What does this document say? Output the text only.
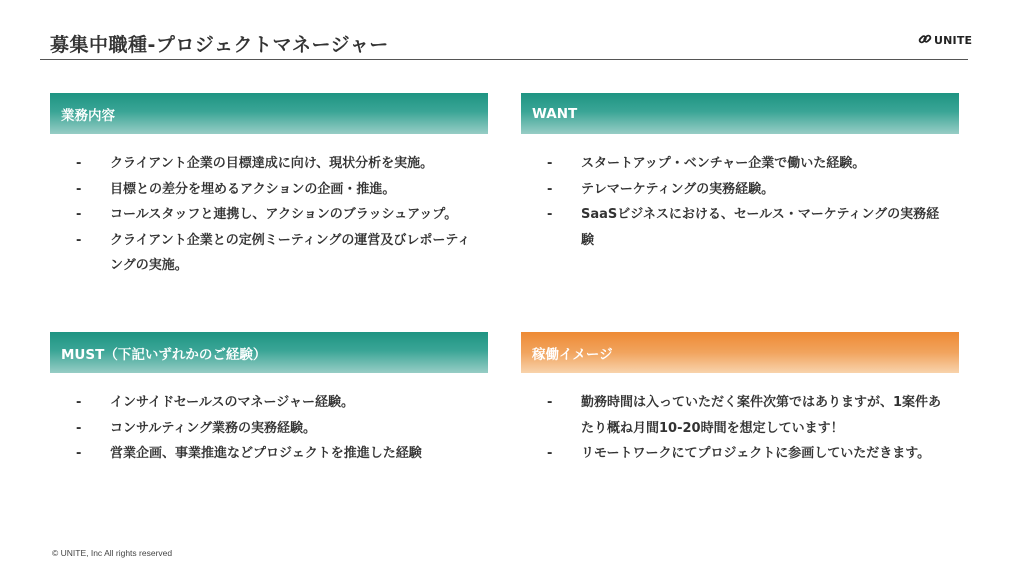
募集中職種-プロジェクトマネージャー	UNITE
業務内容
- クライアント企業の目標達成に向け、現状分析を実施。
- 目標との差分を埋めるアクションの企画・推進。
- コールスタッフと連携し、アクションのブラッシュアップ。
- クライアント企業との定例ミーティングの運営及びレポーティングの実施。
WANT
- スタートアップ・ベンチャー企業で働いた経験。
- テレマーケティングの実務経験。
- SaaSビジネスにおける、セールス・マーケティングの実務経験
MUST（下記いずれかのご経験）
- インサイドセールスのマネージャー経験。
- コンサルティング業務の実務経験。
- 営業企画、事業推進などプロジェクトを推進した経験
稼働イメージ
- 勤務時間は入っていただく案件次第ではありますが、1案件あたり概ね月間10-20時間を想定しています！
- リモートワークにてプロジェクトに参画していただきます。
© UNITE, Inc All rights reserved
